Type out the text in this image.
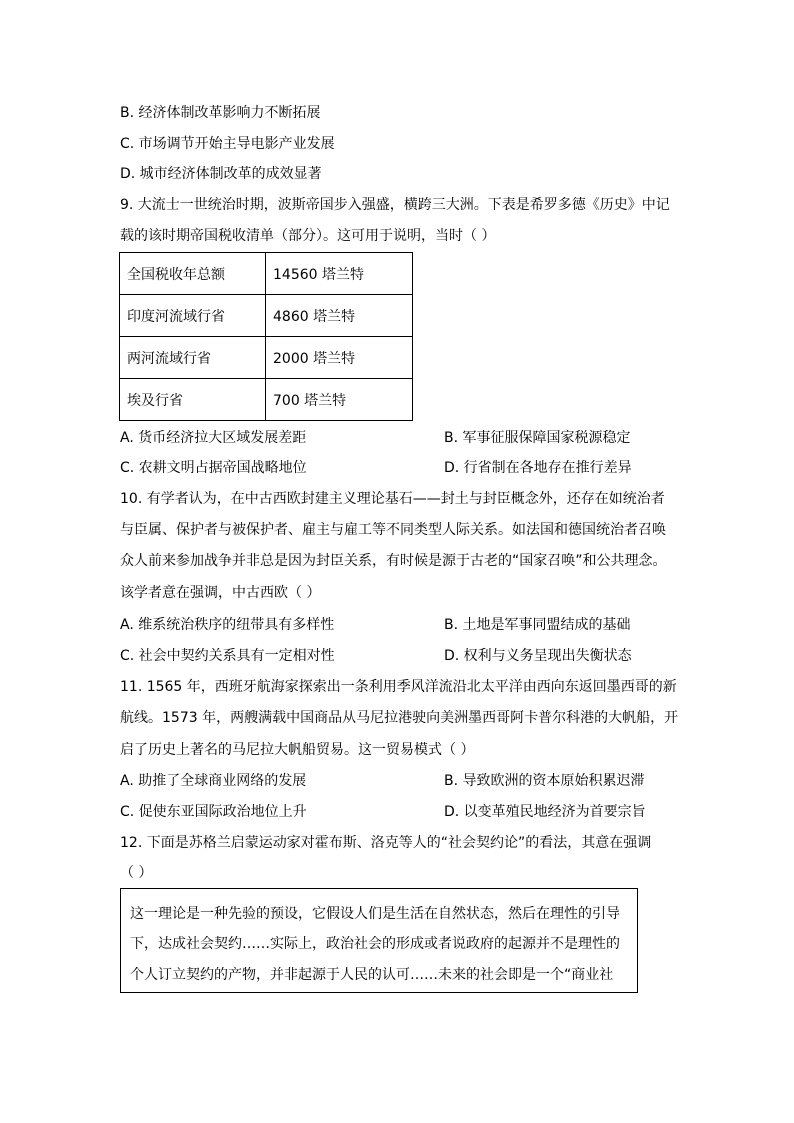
B. 经济体制改革影响力不断拓展
C. 市场调节开始主导电影产业发展
D. 城市经济体制改革的成效显著
9. 大流士一世统治时期，波斯帝国步入强盛，横跨三大洲。下表是希罗多德《历史》中记
载的该时期帝国税收清单（部分）。这可用于说明，当时（ ）
全国税收年总额	14560 塔兰特
印度河流域行省	4860 塔兰特
两河流域行省	2000 塔兰特
埃及行省	700 塔兰特
A. 货币经济拉大区域发展差距	B. 军事征服保障国家税源稳定
C. 农耕文明占据帝国战略地位	D. 行省制在各地存在推行差异
10. 有学者认为，在中古西欧封建主义理论基石——封土与封臣概念外，还存在如统治者
与臣属、保护者与被保护者、雇主与雇工等不同类型人际关系。如法国和德国统治者召唤
众人前来参加战争并非总是因为封臣关系，有时候是源于古老的“国家召唤”和公共理念。
该学者意在强调，中古西欧（ ）
A. 维系统治秩序的纽带具有多样性	B. 土地是军事同盟结成的基础
C. 社会中契约关系具有一定相对性	D. 权利与义务呈现出失衡状态
11. 1565 年，西班牙航海家探索出一条利用季风洋流沿北太平洋由西向东返回墨西哥的新
航线。1573 年，两艘满载中国商品从马尼拉港驶向美洲墨西哥阿卡普尔科港的大帆船，开
启了历史上著名的马尼拉大帆船贸易。这一贸易模式（ ）
A. 助推了全球商业网络的发展	B. 导致欧洲的资本原始积累迟滞
C. 促使东亚国际政治地位上升	D. 以变革殖民地经济为首要宗旨
12. 下面是苏格兰启蒙运动家对霍布斯、洛克等人的“社会契约论”的看法，其意在强调
（ ）
这一理论是一种先验的预设，它假设人们是生活在自然状态，然后在理性的引导
下，达成社会契约……实际上，政治社会的形成或者说政府的起源并不是理性的
个人订立契约的产物，并非起源于人民的认可……未来的社会即是一个“商业社
